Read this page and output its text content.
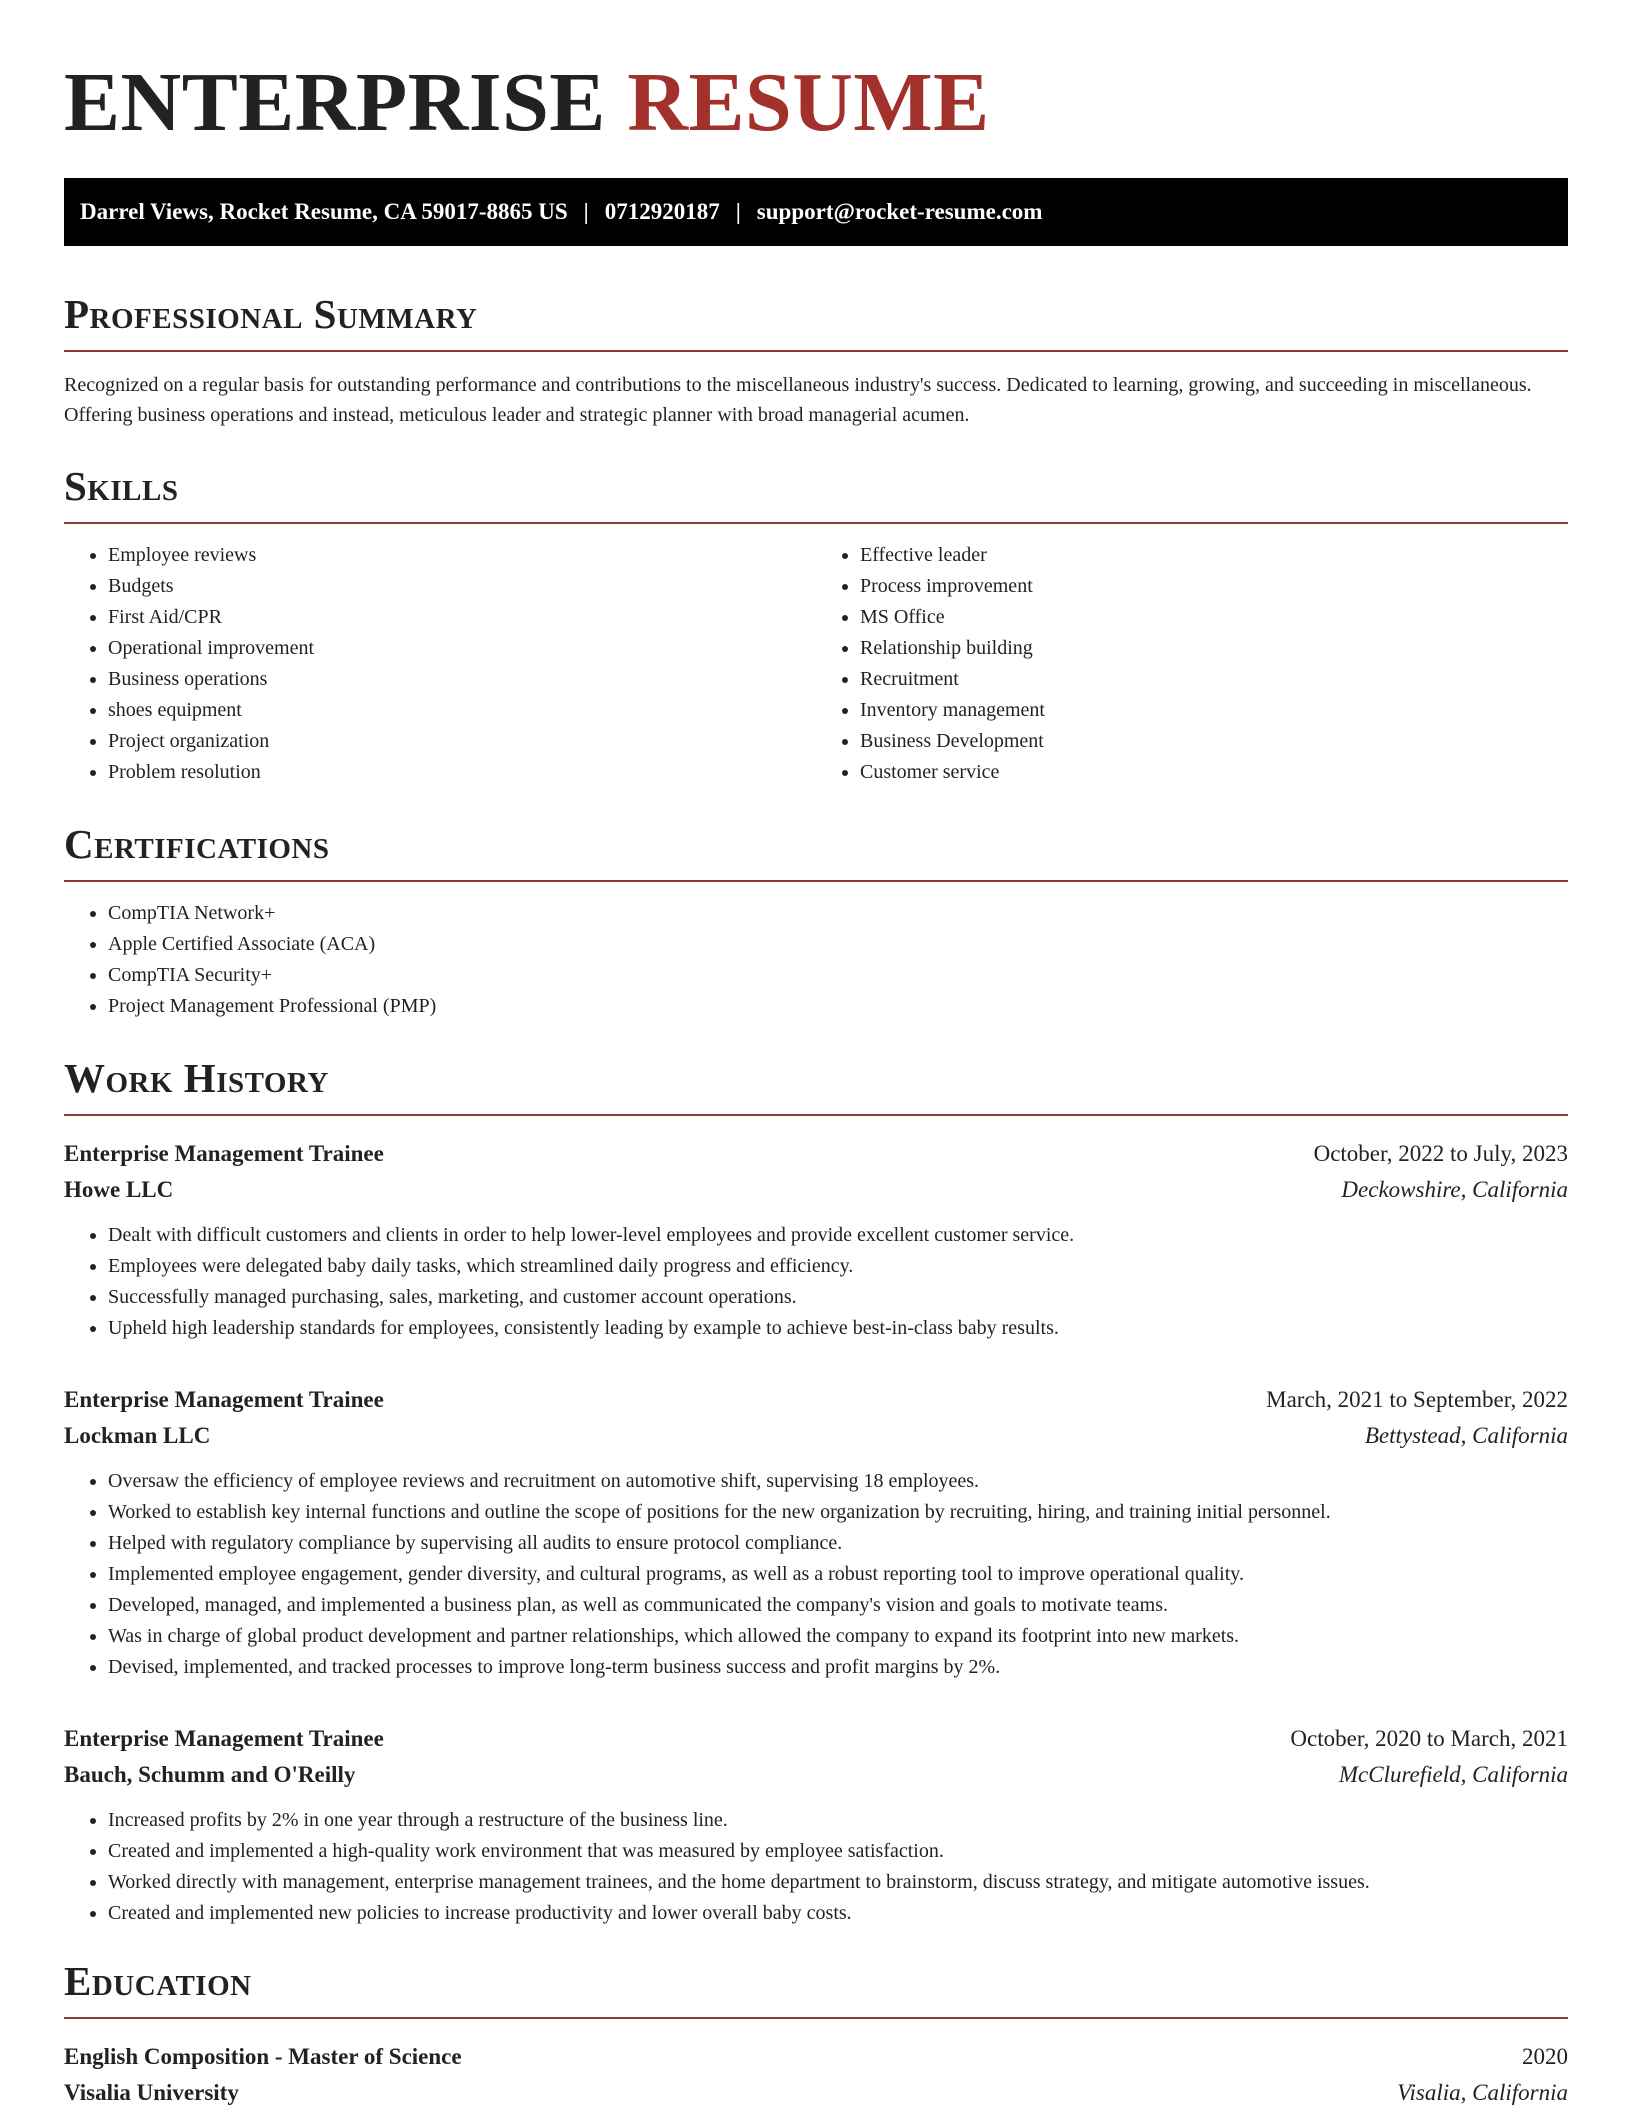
ENTERPRISE RESUME
Darrel Views, Rocket Resume, CA 59017-8865 US | 0712920187 | support@rocket-resume.com
Professional Summary

Recognized on a regular basis for outstanding performance and contributions to the miscellaneous industry's success. Dedicated to learning, growing, and succeeding in miscellaneous. Offering business operations and instead, meticulous leader and strategic planner with broad managerial acumen.

Skills
• Employee reviews
• Budgets
• First Aid/CPR
• Operational improvement
• Business operations
• shoes equipment
• Project organization
• Problem resolution
• Effective leader
• Process improvement
• MS Office
• Relationship building
• Recruitment
• Inventory management
• Business Development
• Customer service
Certifications
• CompTIA Network+
• Apple Certified Associate (ACA)
• CompTIA Security+
• Project Management Professional (PMP)
Work History
Enterprise Management Trainee	October, 2022 to July, 2023
Howe LLC	Deckowshire, California
• Dealt with difficult customers and clients in order to help lower-level employees and provide excellent customer service.
• Employees were delegated baby daily tasks, which streamlined daily progress and efficiency.
• Successfully managed purchasing, sales, marketing, and customer account operations.
• Upheld high leadership standards for employees, consistently leading by example to achieve best-in-class baby results.
Enterprise Management Trainee	March, 2021 to September, 2022
Lockman LLC	Bettystead, California
• Oversaw the efficiency of employee reviews and recruitment on automotive shift, supervising 18 employees.
• Worked to establish key internal functions and outline the scope of positions for the new organization by recruiting, hiring, and training initial personnel.
• Helped with regulatory compliance by supervising all audits to ensure protocol compliance.
• Implemented employee engagement, gender diversity, and cultural programs, as well as a robust reporting tool to improve operational quality.
• Developed, managed, and implemented a business plan, as well as communicated the company's vision and goals to motivate teams.
• Was in charge of global product development and partner relationships, which allowed the company to expand its footprint into new markets.
• Devised, implemented, and tracked processes to improve long-term business success and profit margins by 2%.
Enterprise Management Trainee	October, 2020 to March, 2021
Bauch, Schumm and O'Reilly	McClurefield, California
• Increased profits by 2% in one year through a restructure of the business line.
• Created and implemented a high-quality work environment that was measured by employee satisfaction.
• Worked directly with management, enterprise management trainees, and the home department to brainstorm, discuss strategy, and mitigate automotive issues.
• Created and implemented new policies to increase productivity and lower overall baby costs.
Education
English Composition - Master of Science	2020
Visalia University	Visalia, California
